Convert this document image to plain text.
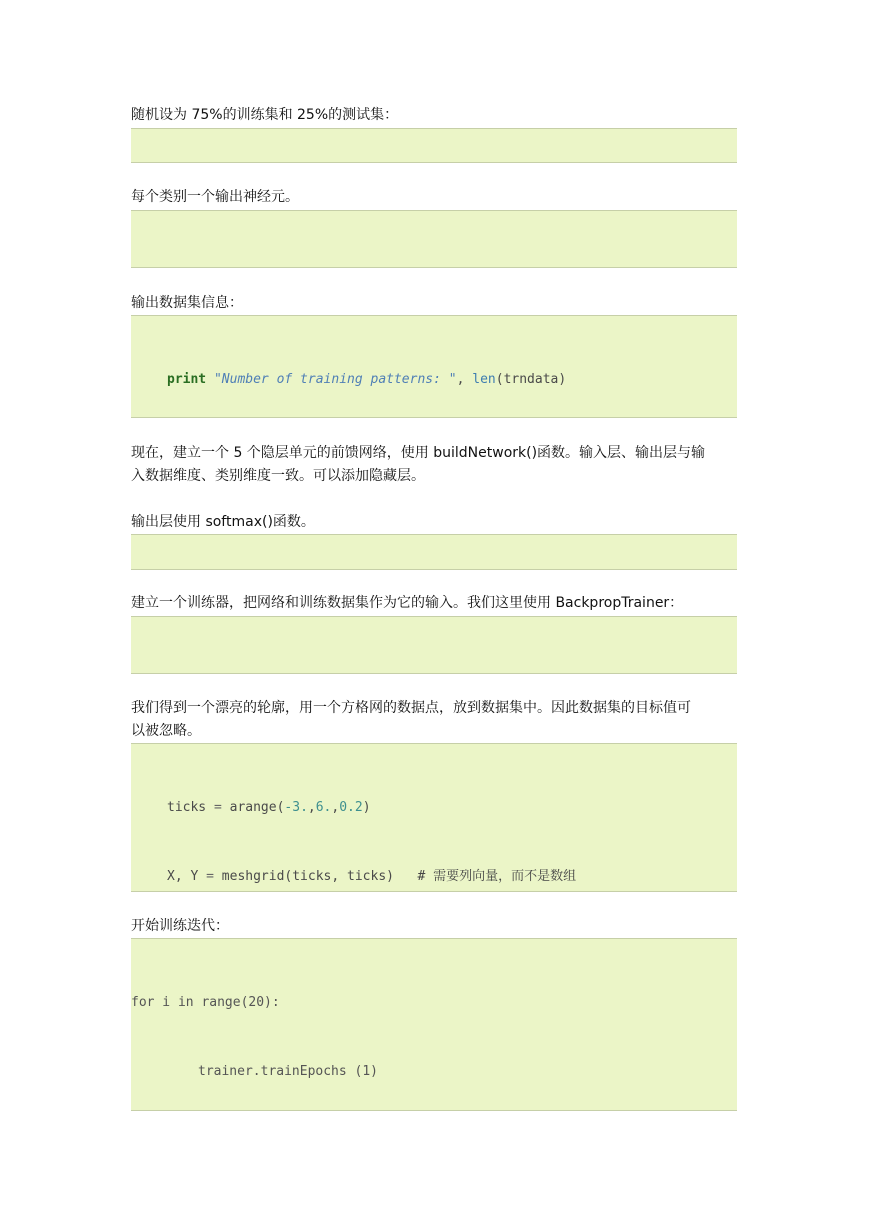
随机设为 75%的训练集和 25%的测试集：

每个类别一个输出神经元。

输出数据集信息：

print "Number of training patterns: ", len(trndata)

现在，建立一个 5 个隐层单元的前馈网络，使用 buildNetwork()函数。输入层、输出层与输

入数据维度、类别维度一致。可以添加隐藏层。

输出层使用 softmax()函数。

建立一个训练器，把网络和训练数据集作为它的输入。我们这里使用 BackpropTrainer：

我们得到一个漂亮的轮廓，用一个方格网的数据点，放到数据集中。因此数据集的目标值可

以被忽略。

ticks = arange(-3.,6.,0.2)

X, Y = meshgrid(ticks, ticks)   # 需要列向量，而不是数组

开始训练迭代：

for i in range(20):

trainer.trainEpochs (1)
